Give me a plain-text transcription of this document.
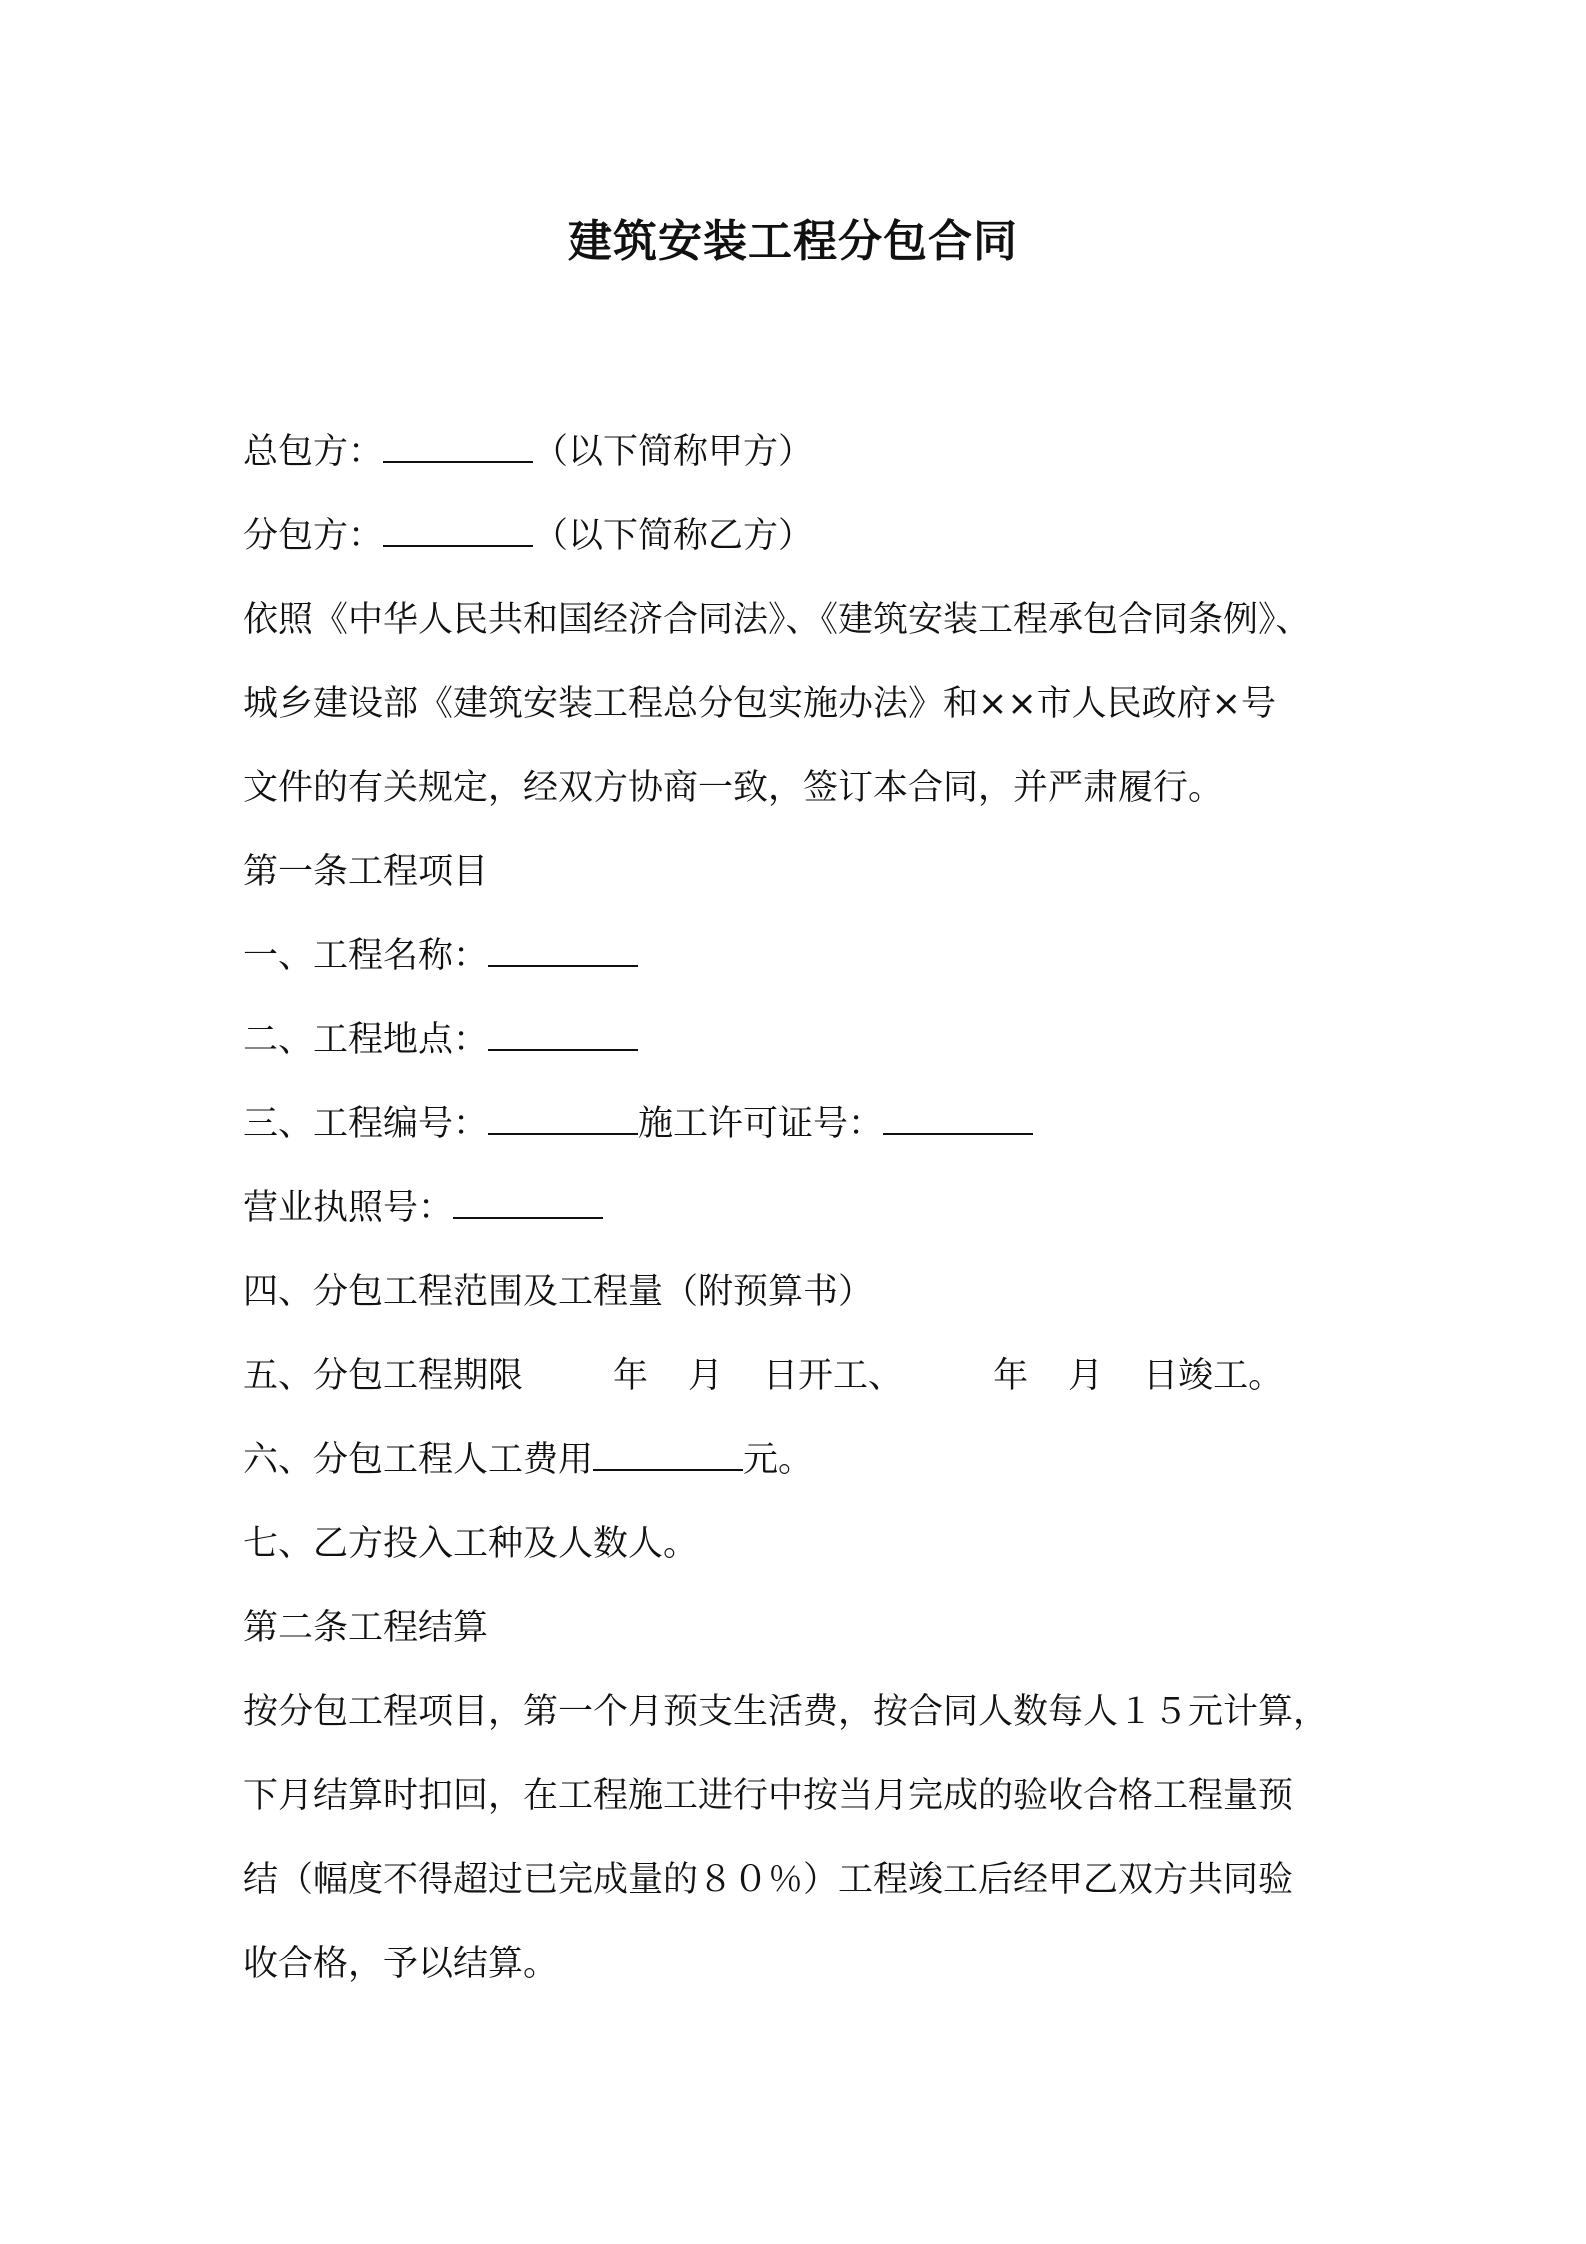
建筑安装工程分包合同
总包方：	（以下简称甲方）
分包方：	（以下简称乙方）
依照《中华人民共和国经济合同法》、《建筑安装工程承包合同条例》、
城乡建设部《建筑安装工程总分包实施办法》和××市人民政府×号
文件的有关规定，经双方协商一致，签订本合同，并严肃履行。
第一条工程项目
一、工程名称：
二、工程地点：
三、工程编号：	施工许可证号：
营业执照号：
四、分包工程范围及工程量（附预算书）
五、分包工程期限	年 月 日开工、	年 月 日竣工。
六、分包工程人工费用	元。
七、乙方投入工种及人数人。
第二条工程结算
按分包工程项目，第一个月预支生活费，按合同人数每人１５元计算，
下月结算时扣回，在工程施工进行中按当月完成的验收合格工程量预
结（幅度不得超过已完成量的８０％）工程竣工后经甲乙双方共同验
收合格，予以结算。
